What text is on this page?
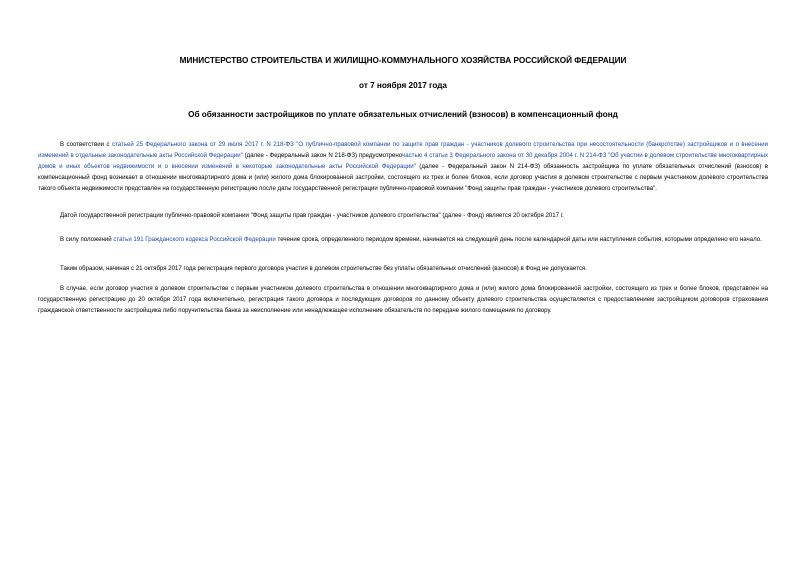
МИНИСТЕРСТВО СТРОИТЕЛЬСТВА И ЖИЛИЩНО-КОММУНАЛЬНОГО ХОЗЯЙСТВА РОССИЙСКОЙ ФЕДЕРАЦИИ
от 7 ноября 2017 года
Об обязанности застройщиков по уплате обязательных отчислений (взносов) в компенсационный фонд

В соответствии с статьей 25 Федерального закона от 29 июля 2017 г. N 218-ФЗ "О публично-правовой компании по защите прав граждан - участников долевого строительства при несостоятельности (банкротстве) застройщиков и о внесении изменений в отдельные законодательные акты Российской Федерации" (далее - Федеральный закон N 218-ФЗ) предусмотреночастью 4 статьи 3 Федерального закона от 30 декабря 2004 г. N 214-ФЗ "Об участии в долевом строительстве многоквартирных домов и иных объектов недвижимости и о внесении изменений в некоторые законодательные акты Российской Федерации" (далее - Федеральный закон N 214-ФЗ) обязанность застройщика по уплате обязательных отчислений (взносов) в компенсационный фонд возникает в отношении многоквартирного дома и (или) жилого дома блокированной застройки, состоящего из трех и более блоков, если договор участия в долевом строительстве с первым участником долевого строительства такого объекта недвижимости представлен на государственную регистрацию после даты государственной регистрации публично-правовой компании "Фонд защиты прав граждан - участников долевого строительства".

Датой государственной регистрации публично-правовой компании "Фонд защиты прав граждан - участников долевого строительства" (далее - Фонд) является 20 октября 2017 г.

В силу положений статьи 191 Гражданского кодекса Российской Федерации течение срока, определенного периодом времени, начинается на следующий день после календарной даты или наступления события, которыми определено его начало.

Таким образом, начиная с 21 октября 2017 года регистрация первого договора участия в долевом строительстве без уплаты обязательных отчислений (взносов) в Фонд не допускается.

В случае, если договор участия в долевом строительстве с первым участником долевого строительства в отношении многоквартирного дома и (или) жилого дома блокированной застройки, состоящего из трех и более блоков, представлен на государственную регистрацию до 20 октября 2017 года включительно, регистрация такого договора и последующих договоров по данному объекту долевого строительства осуществляется с предоставлением застройщиком договоров страхования гражданской ответственности застройщика либо поручительства банка за неисполнение или ненадлежащее исполнение обязательств по передаче жилого помещения по договору.
